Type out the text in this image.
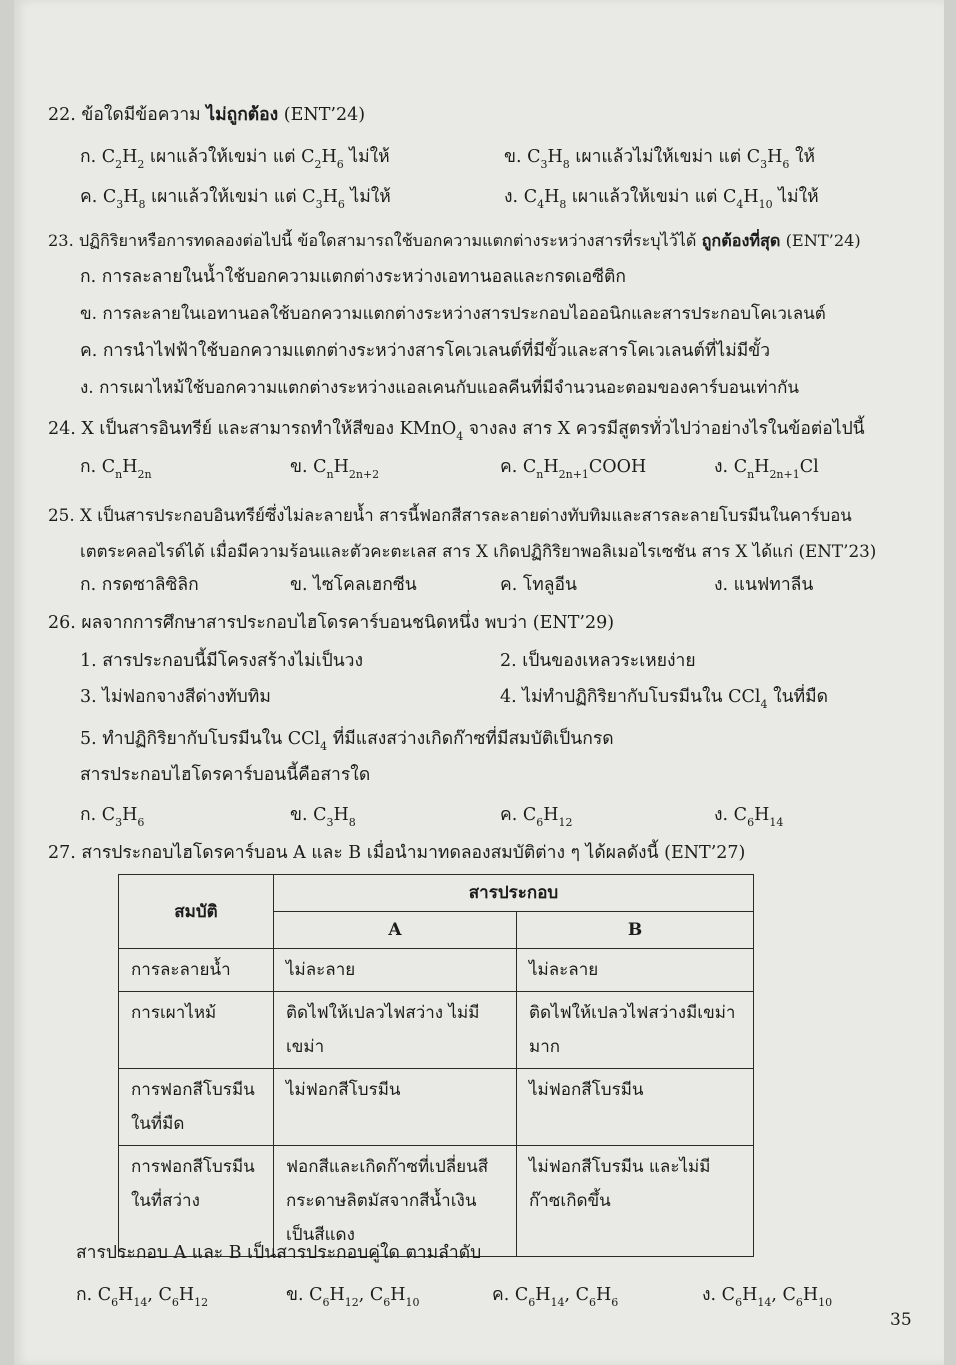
22. ข้อใดมีข้อความ ไม่ถูกต้อง (ENT’24)
ก. $C_2H_2$ เผาแล้วให้เขม่า แต่ $C_2H_6$ ไม่ให้	ข. $C_3H_8$ เผาแล้วไม่ให้เขม่า แต่ $C_3H_6$ ให้
ค. $C_3H_8$ เผาแล้วให้เขม่า แต่ $C_3H_6$ ไม่ให้	ง. $C_4H_8$ เผาแล้วให้เขม่า แต่ $C_4H_{10}$ ไม่ให้
23. ปฏิกิริยาหรือการทดลองต่อไปนี้ ข้อใดสามารถใช้บอกความแตกต่างระหว่างสารที่ระบุไว้ได้ ถูกต้องที่สุด (ENT’24)
ก. การละลายในน้ำใช้บอกความแตกต่างระหว่างเอทานอลและกรดเอซีติก
ข. การละลายในเอทานอลใช้บอกความแตกต่างระหว่างสารประกอบไอออนิกและสารประกอบโคเวเลนต์
ค. การนำไฟฟ้าใช้บอกความแตกต่างระหว่างสารโคเวเลนต์ที่มีขั้วและสารโคเวเลนต์ที่ไม่มีขั้ว
ง. การเผาไหม้ใช้บอกความแตกต่างระหว่างแอลเคนกับแอลคีนที่มีจำนวนอะตอมของคาร์บอนเท่ากัน
24. X เป็นสารอินทรีย์ และสามารถทำให้สีของ KMnO$_4$ จางลง สาร X ควรมีสูตรทั่วไปว่าอย่างไรในข้อต่อไปนี้
ก. $C_nH_{2n}$	ข. $C_nH_{2n+2}$	ค. $C_nH_{2n+1}COOH$	ง. $C_nH_{2n+1}Cl$
25. X เป็นสารประกอบอินทรีย์ซึ่งไม่ละลายน้ำ สารนี้ฟอกสีสารละลายด่างทับทิมและสารละลายโบรมีนในคาร์บอน
เตตระคลอไรด์ได้ เมื่อมีความร้อนและตัวคะตะเลส สาร X เกิดปฏิกิริยาพอลิเมอไรเซชัน สาร X ได้แก่ (ENT’23)
ก. กรดซาลิซิลิก	ข. ไซโคลเฮกซีน	ค. โทลูอีน	ง. แนฟทาลีน
26. ผลจากการศึกษาสารประกอบไฮโดรคาร์บอนชนิดหนึ่ง พบว่า (ENT’29)
1. สารประกอบนี้มีโครงสร้างไม่เป็นวง	2. เป็นของเหลวระเหยง่าย
3. ไม่ฟอกจางสีด่างทับทิม	4. ไม่ทำปฏิกิริยากับโบรมีนใน CCl$_4$ ในที่มืด
5. ทำปฏิกิริยากับโบรมีนใน CCl$_4$ ที่มีแสงสว่างเกิดก๊าซที่มีสมบัติเป็นกรด
สารประกอบไฮโดรคาร์บอนนี้คือสารใด
ก. $C_3H_6$	ข. $C_3H_8$	ค. $C_6H_{12}$	ง. $C_6H_{14}$
27. สารประกอบไฮโดรคาร์บอน A และ B เมื่อนำมาทดลองสมบัติต่าง ๆ ได้ผลดังนี้ (ENT’27)
สมบัติ	สารประกอบ	
	A	B
การละลายน้ำ	ไม่ละลาย	ไม่ละลาย
การเผาไหม้	ติดไฟให้เปลวไฟสว่าง ไม่มีเขม่า	ติดไฟให้เปลวไฟสว่างมีเขม่ามาก
การฟอกสีโบรมีนในที่มืด	ไม่ฟอกสีโบรมีน	ไม่ฟอกสีโบรมีน
การฟอกสีโบรมีนในที่สว่าง	ฟอกสีและเกิดก๊าซที่เปลี่ยนสีกระดาษลิตมัสจากสีน้ำเงินเป็นสีแดง	ไม่ฟอกสีโบรมีน และไม่มีก๊าซเกิดขึ้น
สารประกอบ A และ B เป็นสารประกอบคู่ใด ตามลำดับ
ก. $C_6H_{14}$, $C_6H_{12}$	ข. $C_6H_{12}$, $C_6H_{10}$	ค. $C_6H_{14}$, $C_6H_6$	ง. $C_6H_{14}$, $C_6H_{10}$
35
